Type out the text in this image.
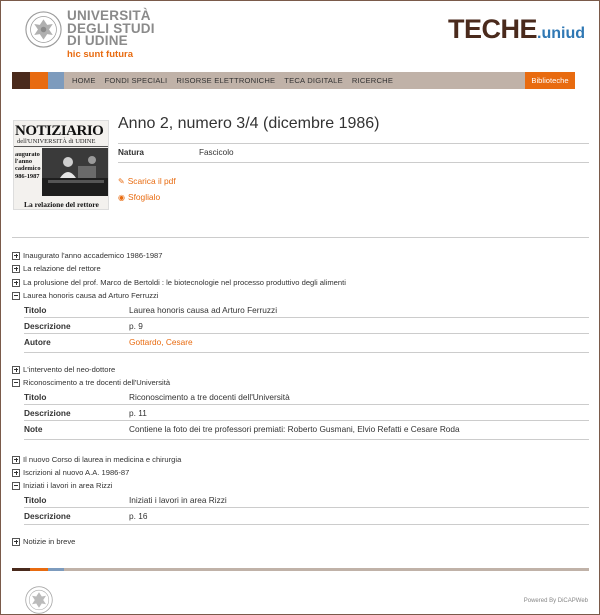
UNIVERSITÀ
DEGLI STUDI
DI UDINE
hic sunt futura
TECHE.uniud
HOME FONDI SPECIALI RISORSE ELETTRONICHE TECA DIGITALE RICERCHE	Biblioteche
NOTIZIARIO
dell'UNIVERSITÀ di UDINE
augurato
l'anno
cademico
986-1987
La relazione del rettore
Anno 2, numero 3/4 (dicembre 1986)
Natura	Fascicolo
✎ Scarica il pdf
◉ Sfoglialo
Inaugurato l'anno accademico 1986-1987
La relazione del rettore
La prolusione del prof. Marco de Bertoldi : le biotecnologie nel processo produttivo degli alimenti
Laurea honoris causa ad Arturo Ferruzzi
Titolo	Laurea honoris causa ad Arturo Ferruzzi
Descrizione	p. 9
Autore	Gottardo, Cesare
L'intervento del neo-dottore
Riconoscimento a tre docenti dell'Università
Titolo	Riconoscimento a tre docenti dell'Università
Descrizione	p. 11
Note	Contiene la foto dei tre professori premiati: Roberto Gusmani, Elvio Refatti e Cesare Roda
Il nuovo Corso di laurea in medicina e chirurgia
Iscrizioni al nuovo A.A. 1986-87
Iniziati i lavori in area Rizzi
Titolo	Iniziati i lavori in area Rizzi
Descrizione	p. 16
Notizie in breve
Powered By DiCAPWeb
